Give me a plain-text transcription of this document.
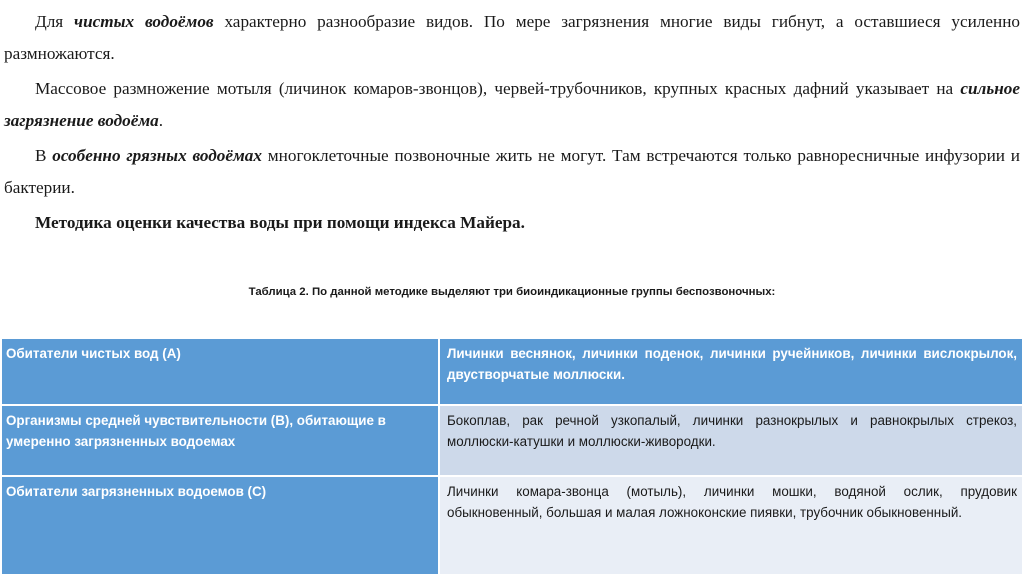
Для чистых водоёмов характерно разнообразие видов. По мере загрязнения многие виды гибнут, а оставшиеся усиленно размножаются.

Массовое размножение мотыля (личинок комаров-звонцов), червей-трубочников, крупных красных дафний указывает на сильное загрязнение водоёма.

В особенно грязных водоёмах многоклеточные позвоночные жить не могут. Там встречаются только равноресничные инфузории и бактерии.

Методика оценки качества воды при помощи индекса Майера.

Таблица 2. По данной методике выделяют три биоиндикационные группы беспозвоночных:
Обитатели чистых вод (А)	Личинки веснянок, личинки поденок, личинки ручейников, личинки вислокрылок, двустворчатые моллюски.
Организмы средней чувствительности (В), обитающие в умеренно загрязненных водоемах	Бокоплав, рак речной узкопалый, личинки разнокрылых и равнокрылых стрекоз, моллюски-катушки и моллюски-живородки.
Обитатели загрязненных водоемов (С)	Личинки комара-звонца (мотыль), личинки мошки, водяной ослик, прудовик обыкновенный, большая и малая ложноконские пиявки, трубочник обыкновенный.
